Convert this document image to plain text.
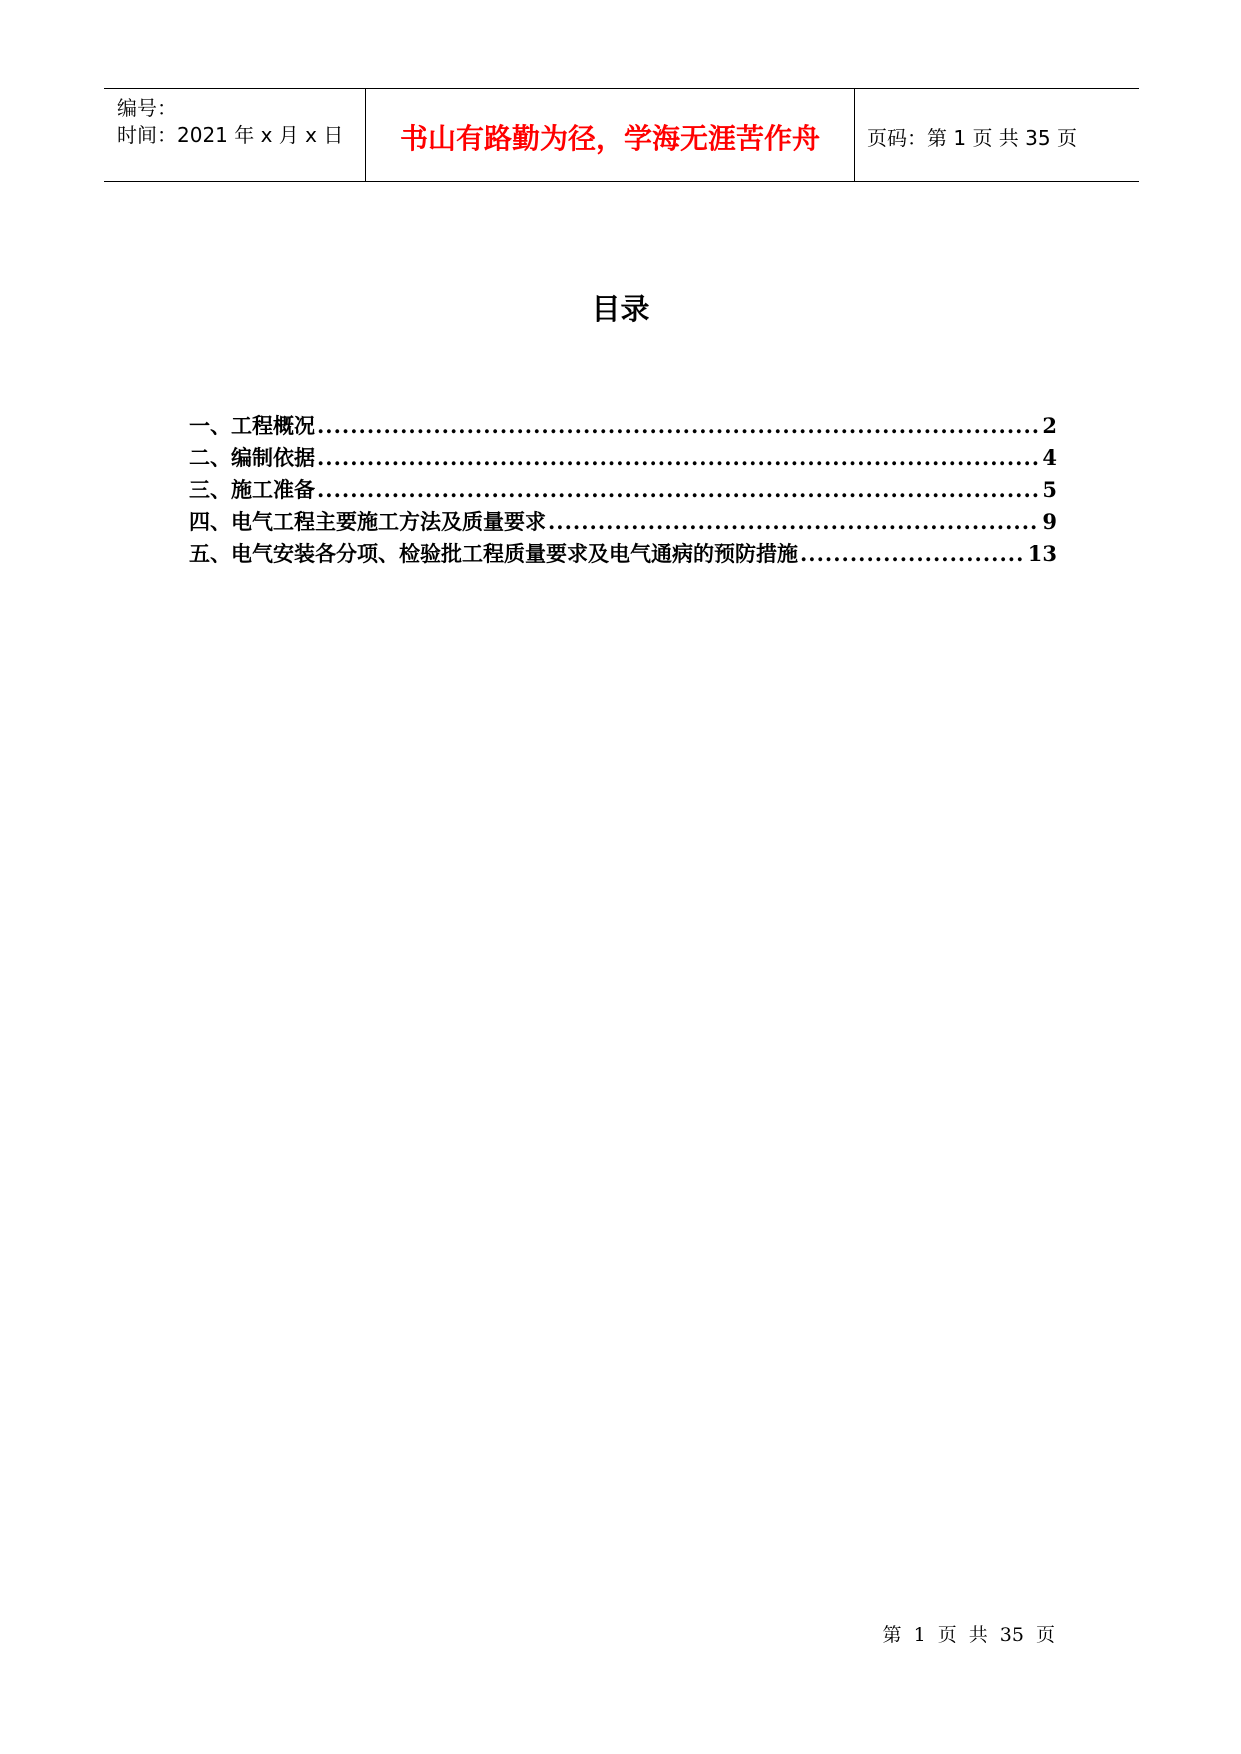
编号：
时间：2021 年 x 月 x 日	书山有路勤为径，学海无涯苦作舟	页码：第 1 页 共 35 页
目录
一、工程概况 .....	2
二、编制依据 .....	4
三、施工准备 .....	5
四、电气工程主要施工方法及质量要求 .....	9
五、电气安装各分项、检验批工程质量要求及电气通病的预防措施 .....	13
第 1 页 共 35 页
